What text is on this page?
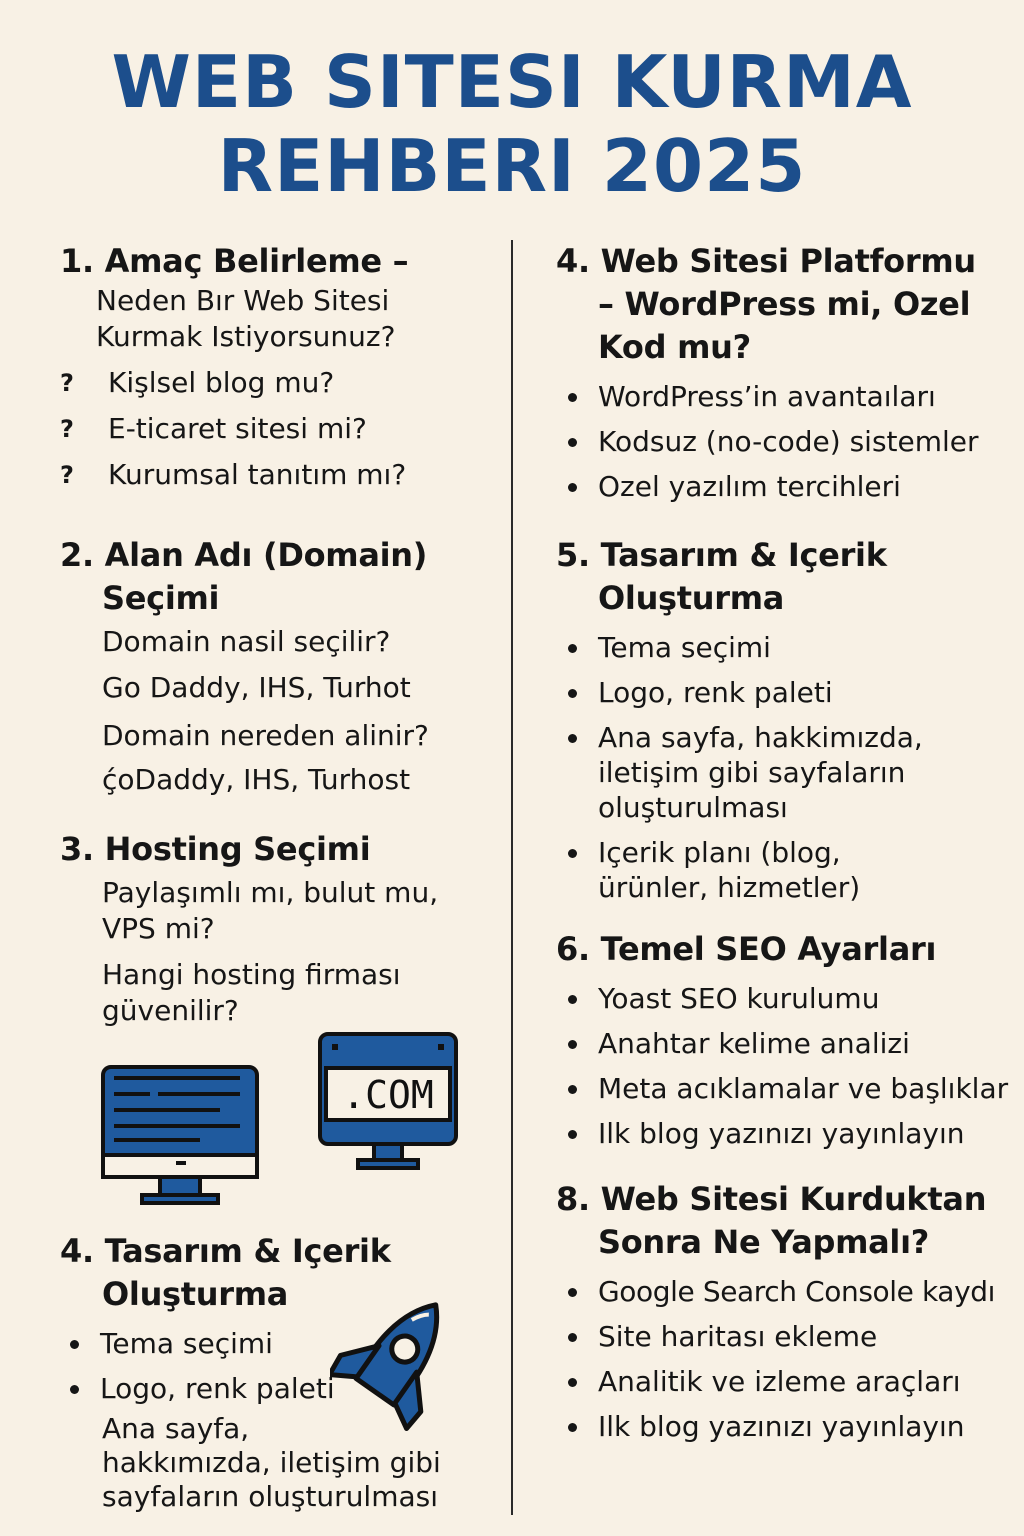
WEB SITESI KURMA
REHBERI 2025
1. Amaç Belirleme –
Neden Bır Web Sitesi
Kurmak Istiyorsunuz?
?	Kişlsel blog mu?
?	E-ticaret sitesi mi?
?	Kurumsal tanıtım mı?
2. Alan Adı (Domain)
Seçimi
Domain nasil seçilir?
Go Daddy, IHS, Turhot
Domain nereden alinir?
ḉoDaddy, IHS, Turhost
3. Hosting Seçimi
Paylaşımlı mı, bulut mu,
VPS mi?
Hangi hosting firması
güvenilir?
.COM
4. Tasarım & Içerik
Oluşturma
Tema seçimi
Logo, renk paleti
Ana sayfa,
hakkımızda, iletişim gibi
sayfaların oluşturulması
4. Web Sitesi Platformu
– WordPress mi, Ozel
Kod mu?
WordPress’in avantaıları
Kodsuz (no-code) sistemler
Ozel yazılım tercihleri
5. Tasarım & Içerik
Oluşturma
Tema seçimi
Logo, renk paleti
Ana sayfa, hakkimızda, iletişim gibi sayfaların oluşturulması
Içerik planı (blog, ürünler, hizmetler)
6. Temel SEO Ayarları
Yoast SEO kurulumu
Anahtar kelime analizi
Meta acıklamalar ve başlıklar
Ilk blog yazınızı yayınlayın
8. Web Sitesi Kurduktan
Sonra Ne Yapmalı?
Google Search Console kaydı
Site haritası ekleme
Analitik ve izleme araçları
Ilk blog yazınızı yayınlayın
